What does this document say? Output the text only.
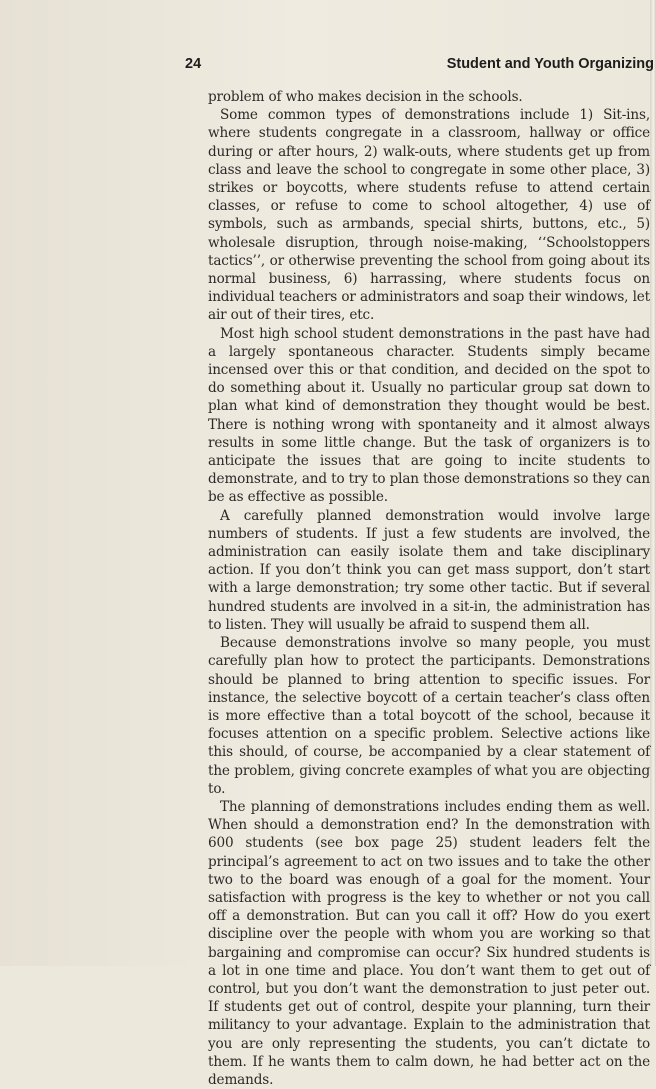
24	Student and Youth Organizing

problem of who makes decision in the schools.

Some common types of demonstrations include 1) Sit-ins, where students congregate in a classroom, hallway or office during or after hours, 2) walk-outs, where students get up from class and leave the school to congregate in some other place, 3) strikes or boycotts, where students refuse to attend certain classes, or refuse to come to school altogether, 4) use of symbols, such as armbands, special shirts, buttons, etc., 5) wholesale disruption, through noise-making, ‘‘Schoolstoppers tactics’’, or otherwise preventing the school from going about its normal business, 6) harrassing, where students focus on individual teachers or administrators and soap their windows, let air out of their tires, etc.

Most high school student demonstrations in the past have had a largely spontaneous character. Students simply became incensed over this or that condition, and decided on the spot to do something about it. Usually no particular group sat down to plan what kind of demonstration they thought would be best. There is nothing wrong with spontaneity and it almost always results in some little change. But the task of organizers is to anticipate the issues that are going to incite students to demonstrate, and to try to plan those demonstrations so they can be as effective as possible.

A carefully planned demonstration would involve large numbers of students. If just a few students are involved, the administration can easily isolate them and take disciplinary action. If you don’t think you can get mass support, don’t start with a large demonstration; try some other tactic. But if several hundred students are involved in a sit-in, the administration has to listen. They will usually be afraid to suspend them all.

Because demonstrations involve so many people, you must carefully plan how to protect the participants. Demonstrations should be planned to bring attention to specific issues. For instance, the selective boycott of a certain teacher’s class often is more effective than a total boycott of the school, because it focuses attention on a specific problem. Selective actions like this should, of course, be accompanied by a clear statement of the problem, giving concrete examples of what you are objecting to.

The planning of demonstrations includes ending them as well. When should a demonstration end? In the demonstration with 600 students (see box page 25) student leaders felt the principal’s agreement to act on two issues and to take the other two to the board was enough of a goal for the moment. Your satisfaction with progress is the key to whether or not you call off a demonstration. But can you call it off? How do you exert discipline over the people with whom you are working so that bargaining and compromise can occur? Six hundred students is a lot in one time and place. You don’t want them to get out of control, but you don’t want the demonstration to just peter out. If students get out of control, despite your planning, turn their militancy to your advantage. Explain to the administration that you are only representing the students, you can’t dictate to them. If he wants them to calm down, he had better act on the demands.
